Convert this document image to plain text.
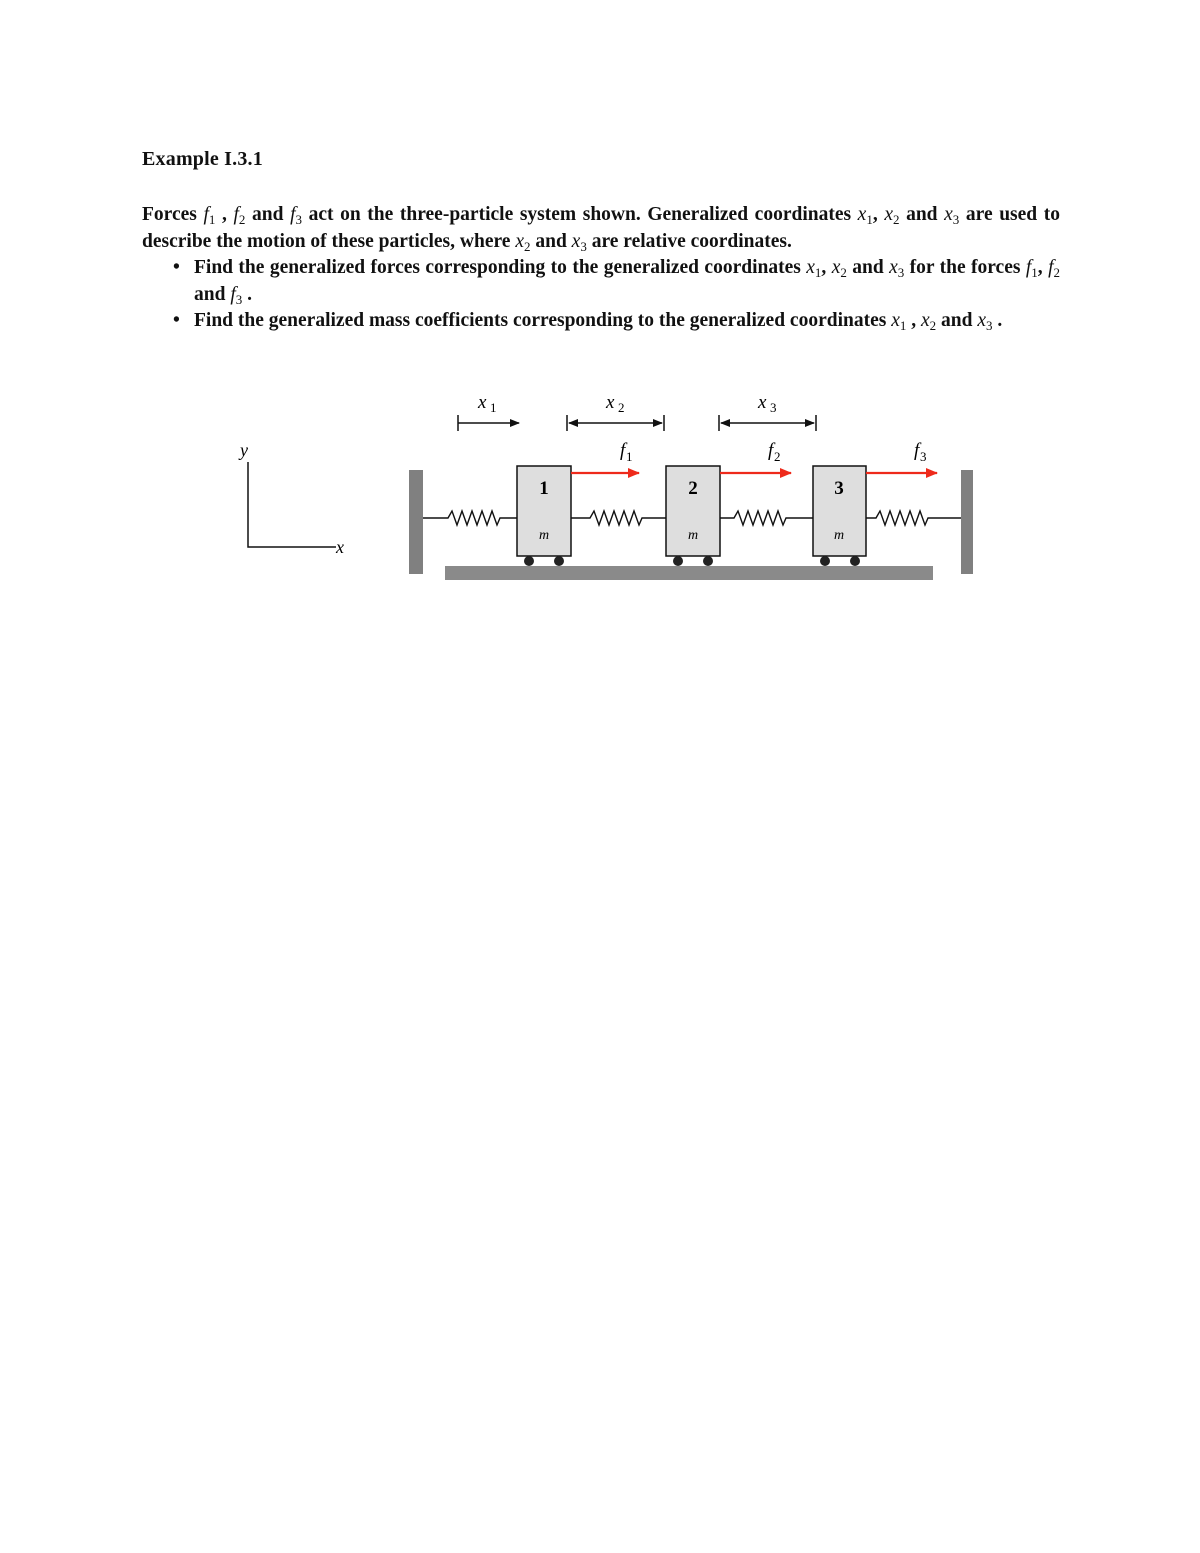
Example I.3.1

Forces $f_1$ , $f_2$ and $f_3$ act on the three-particle system shown. Generalized coordinates $x_1$, $x_2$ and $x_3$ are used to describe the motion of these particles, where $x_2$ and $x_3$ are relative coordinates.

• Find the generalized forces corresponding to the generalized coordinates $x_1$, $x_2$ and $x_3$ for the forces $f_1$, $f_2$ and $f_3$ .
• Find the generalized mass coefficients corresponding to the generalized coordinates $x_1$ , $x_2$ and $x_3$ .
y
x
x 1	x 2	x 3
1
m
2
m
3
m
f 1	f 2	f 3
